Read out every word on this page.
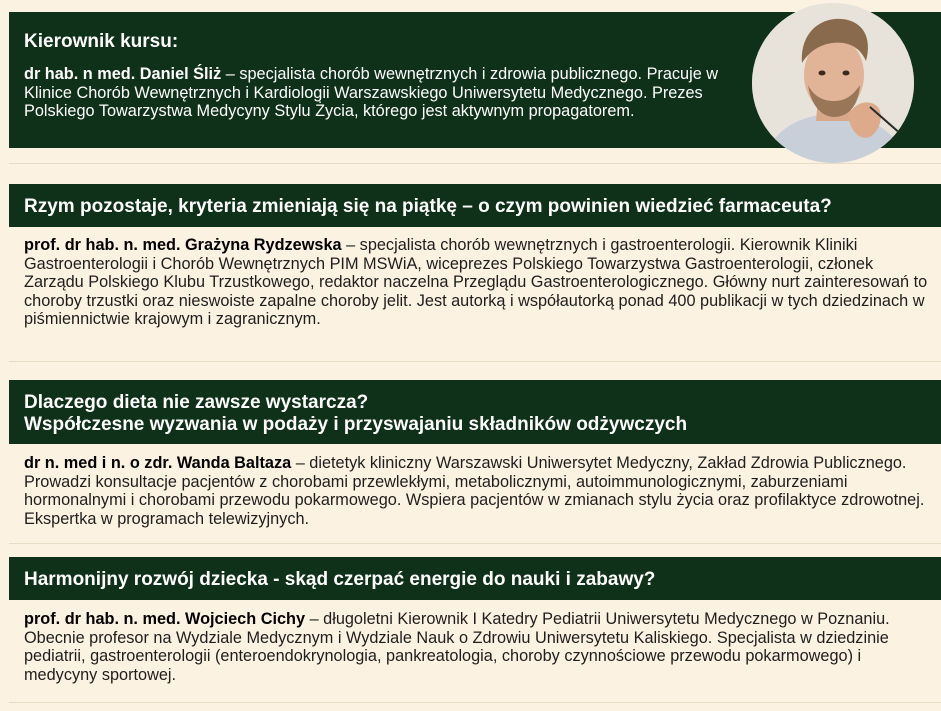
Kierownik kursu:
dr hab. n med. Daniel Śliż – specjalista chorób wewnętrznych i zdrowia publicznego. Pracuje w Klinice Chorób Wewnętrznych i Kardiologii Warszawskiego Uniwersytetu Medycznego. Prezes Polskiego Towarzystwa Medycyny Stylu Życia, którego jest aktywnym propagatorem.
Rzym pozostaje, kryteria zmieniają się na piątkę – o czym powinien wiedzieć farmaceuta?
prof. dr hab. n. med. Grażyna Rydzewska – specjalista chorób wewnętrznych i gastroenterologii. Kierownik Kliniki Gastroenterologii i Chorób Wewnętrznych PIM MSWiA, wiceprezes Polskiego Towarzystwa Gastroenterologii, członek Zarządu Polskiego Klubu Trzustkowego, redaktor naczelna Przeglądu Gastroenterologicznego. Główny nurt zainteresowań to choroby trzustki oraz nieswoiste zapalne choroby jelit. Jest autorką i współautorką ponad 400 publikacji w tych dziedzinach w piśmiennictwie krajowym i zagranicznym.
Dlaczego dieta nie zawsze wystarcza?
Współczesne wyzwania w podaży i przyswajaniu składników odżywczych
dr n. med i n. o zdr. Wanda Baltaza – dietetyk kliniczny Warszawski Uniwersytet Medyczny, Zakład Zdrowia Publicznego. Prowadzi konsultacje pacjentów z chorobami przewlekłymi, metabolicznymi, autoimmunologicznymi, zaburzeniami hormonalnymi i chorobami przewodu pokarmowego. Wspiera pacjentów w zmianach stylu życia oraz profilaktyce zdrowotnej. Ekspertka w programach telewizyjnych.
Harmonijny rozwój dziecka - skąd czerpać energie do nauki i zabawy?
prof. dr hab. n. med. Wojciech Cichy – długoletni Kierownik I Katedry Pediatrii Uniwersytetu Medycznego w Poznaniu. Obecnie profesor na Wydziale Medycznym i Wydziale Nauk o Zdrowiu Uniwersytetu Kaliskiego. Specjalista w dziedzinie pediatrii, gastroenterologii (enteroendokrynologia, pankreatologia, choroby czynnościowe przewodu pokarmowego) i medycyny sportowej.
